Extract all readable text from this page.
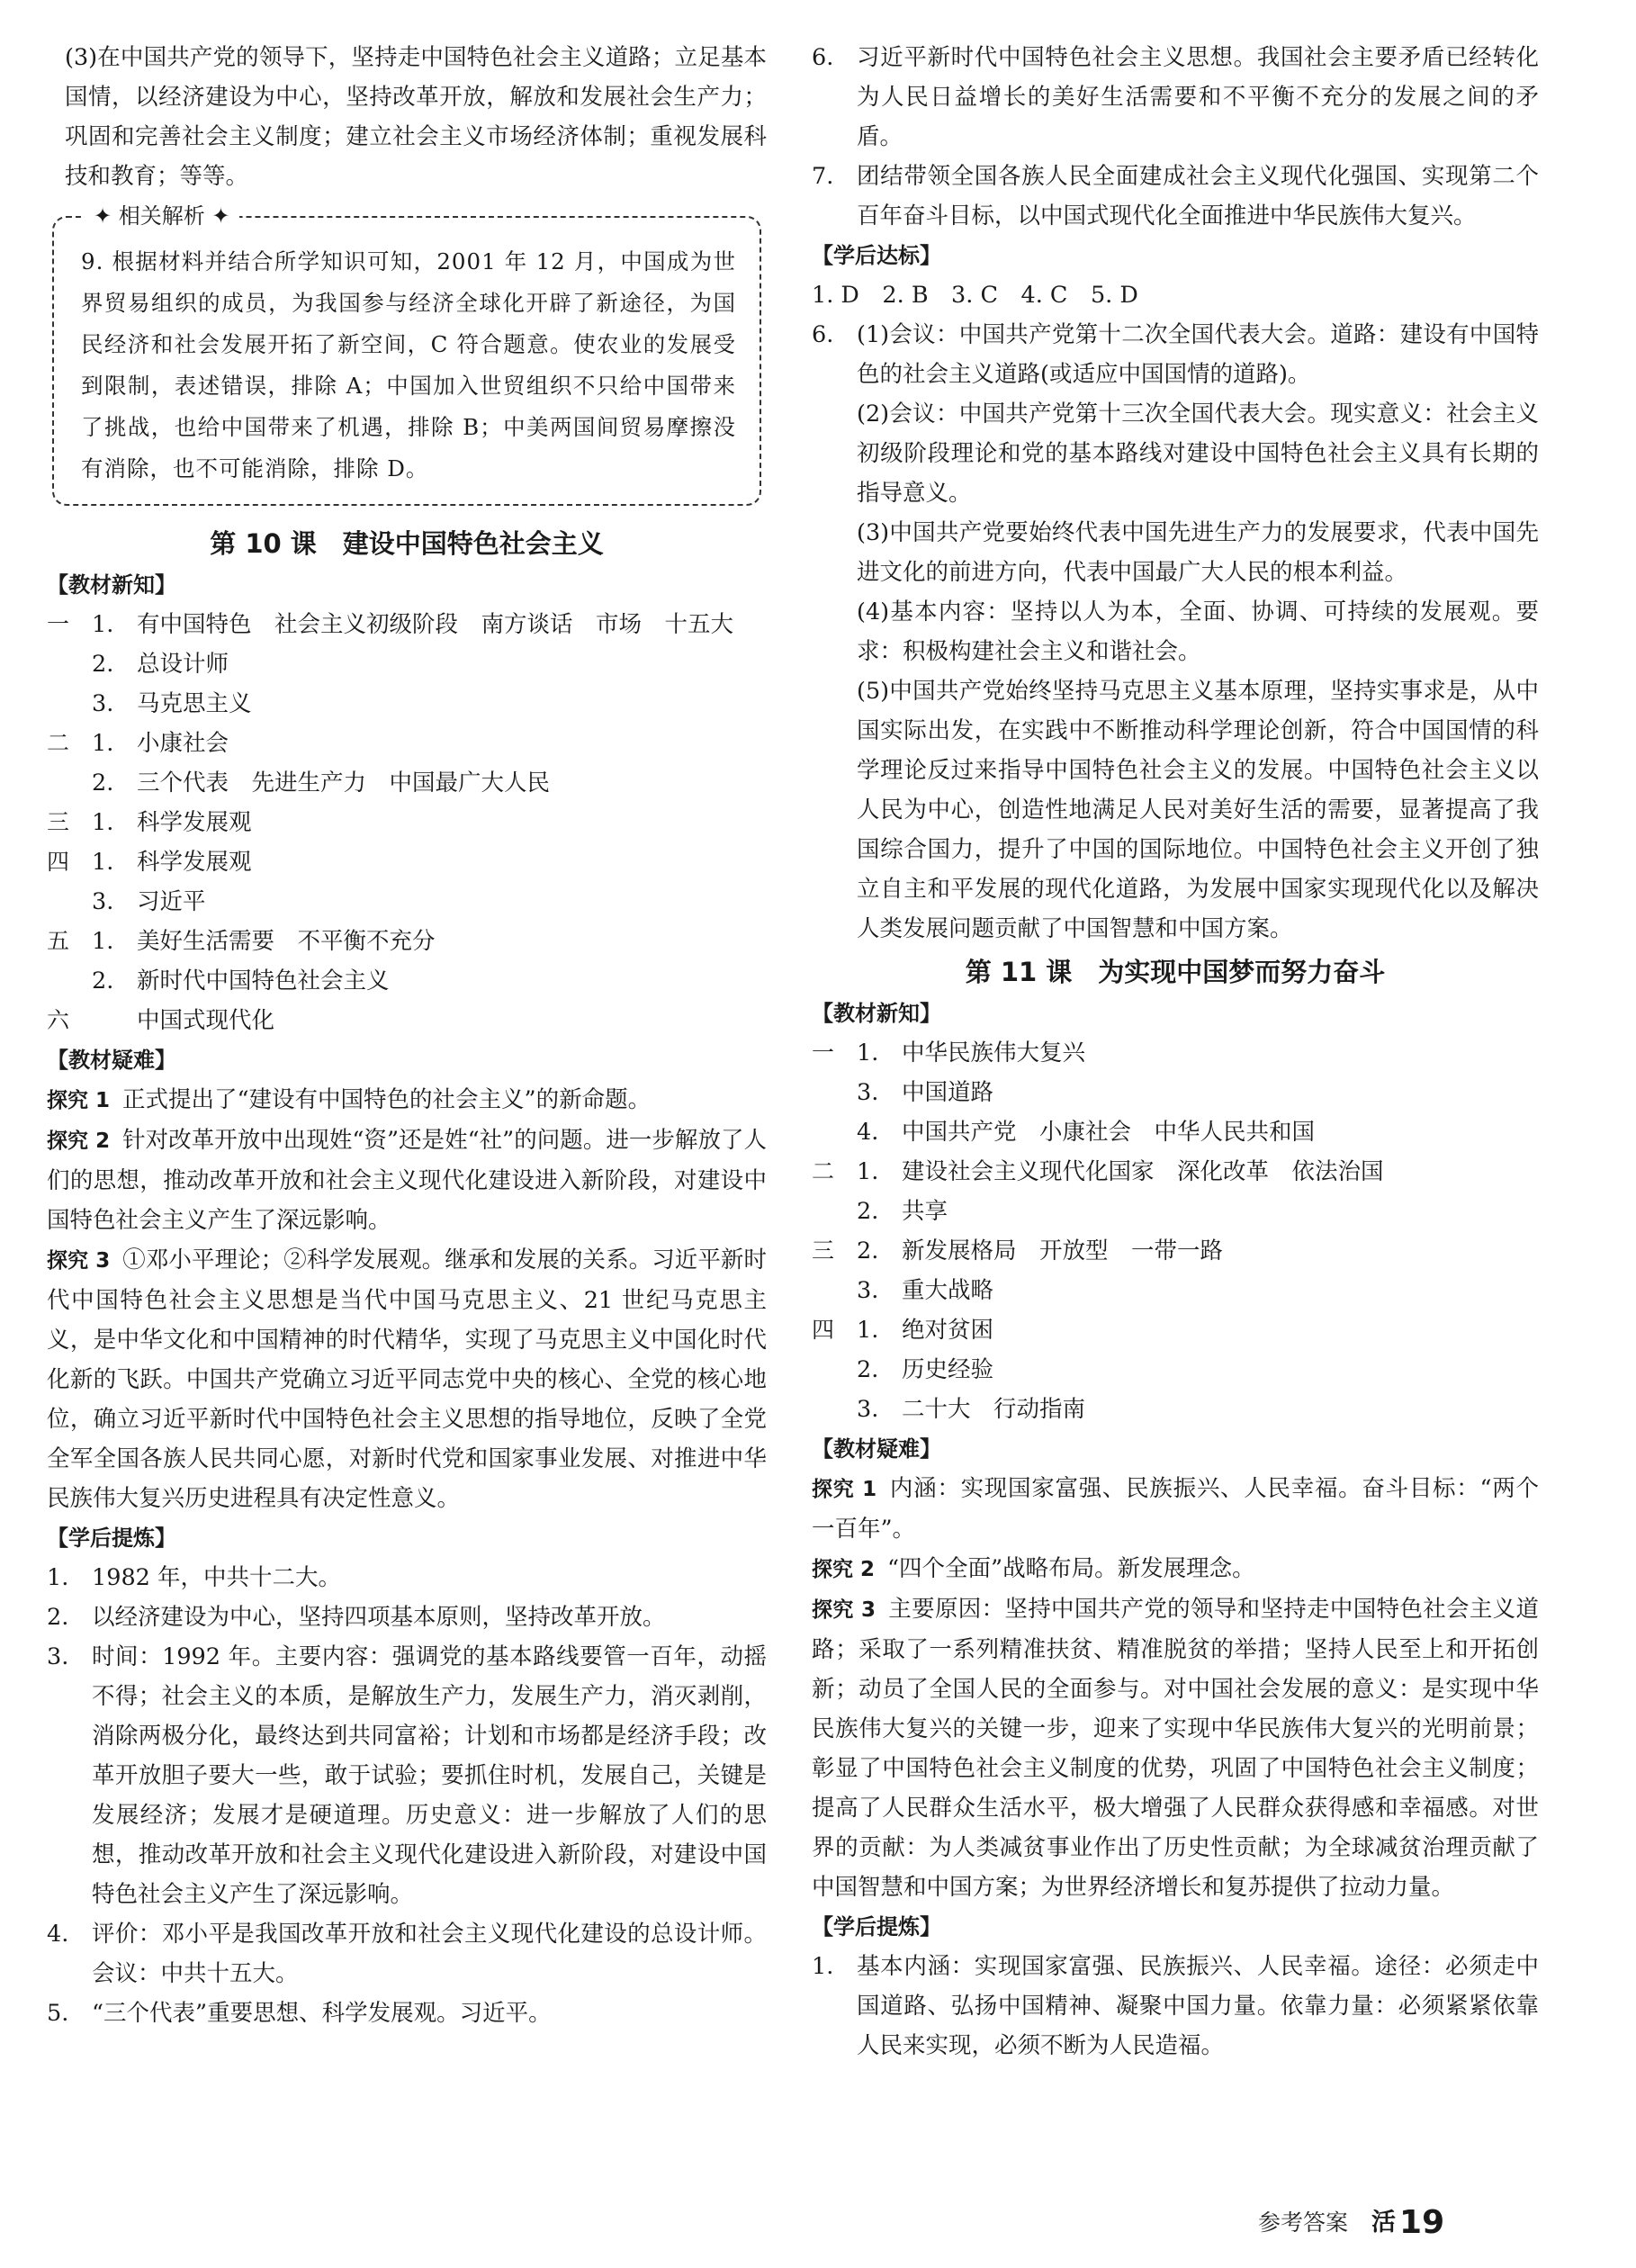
(3)在中国共产党的领导下，坚持走中国特色社会主义道路；立足基本国情，以经济建设为中心，坚持改革开放，解放和发展社会生产力；巩固和完善社会主义制度；建立社会主义市场经济体制；重视发展科技和教育；等等。

✦ 相关解析 ✦

9. 根据材料并结合所学知识可知，2001 年 12 月，中国成为世界贸易组织的成员，为我国参与经济全球化开辟了新途径，为国民经济和社会发展开拓了新空间，C 符合题意。使农业的发展受到限制，表述错误，排除 A；中国加入世贸组织不只给中国带来了挑战，也给中国带来了机遇，排除 B；中美两国间贸易摩擦没有消除，也不可能消除，排除 D。

第 10 课　建设中国特色社会主义

【教材新知】

一 1.	有中国特色　社会主义初级阶段　南方谈话　市场　十五大
2.	总设计师
3.	马克思主义
二 1.	小康社会
2.	三个代表　先进生产力　中国最广大人民
三 1.	科学发展观
四 1.	科学发展观
3.	习近平
五 1.	美好生活需要　不平衡不充分
2.	新时代中国特色社会主义
六	中国式现代化

【教材疑难】

探究 1 正式提出了“建设有中国特色的社会主义”的新命题。

探究 2 针对改革开放中出现姓“资”还是姓“社”的问题。进一步解放了人们的思想，推动改革开放和社会主义现代化建设进入新阶段，对建设中国特色社会主义产生了深远影响。

探究 3 ①邓小平理论；②科学发展观。继承和发展的关系。习近平新时代中国特色社会主义思想是当代中国马克思主义、21 世纪马克思主义，是中华文化和中国精神的时代精华，实现了马克思主义中国化时代化新的飞跃。中国共产党确立习近平同志党中央的核心、全党的核心地位，确立习近平新时代中国特色社会主义思想的指导地位，反映了全党全军全国各族人民共同心愿，对新时代党和国家事业发展、对推进中华民族伟大复兴历史进程具有决定性意义。

【学后提炼】

1.	1982 年，中共十二大。
2.	以经济建设为中心，坚持四项基本原则，坚持改革开放。
3.	时间：1992 年。主要内容：强调党的基本路线要管一百年，动摇不得；社会主义的本质，是解放生产力，发展生产力，消灭剥削，消除两极分化，最终达到共同富裕；计划和市场都是经济手段；改革开放胆子要大一些，敢于试验；要抓住时机，发展自己，关键是发展经济；发展才是硬道理。历史意义：进一步解放了人们的思想，推动改革开放和社会主义现代化建设进入新阶段，对建设中国特色社会主义产生了深远影响。
4.	评价：邓小平是我国改革开放和社会主义现代化建设的总设计师。会议：中共十五大。
5.	“三个代表”重要思想、科学发展观。习近平。
6.	习近平新时代中国特色社会主义思想。我国社会主要矛盾已经转化为人民日益增长的美好生活需要和不平衡不充分的发展之间的矛盾。
7.	团结带领全国各族人民全面建成社会主义现代化强国、实现第二个百年奋斗目标，以中国式现代化全面推进中华民族伟大复兴。

【学后达标】

1. D　2. B　3. C　4. C　5. D

6.	(1)会议：中国共产党第十二次全国代表大会。道路：建设有中国特色的社会主义道路(或适应中国国情的道路)。

(2)会议：中国共产党第十三次全国代表大会。现实意义：社会主义初级阶段理论和党的基本路线对建设中国特色社会主义具有长期的指导意义。

(3)中国共产党要始终代表中国先进生产力的发展要求，代表中国先进文化的前进方向，代表中国最广大人民的根本利益。

(4)基本内容：坚持以人为本，全面、协调、可持续的发展观。要求：积极构建社会主义和谐社会。

(5)中国共产党始终坚持马克思主义基本原理，坚持实事求是，从中国实际出发，在实践中不断推动科学理论创新，符合中国国情的科学理论反过来指导中国特色社会主义的发展。中国特色社会主义以人民为中心，创造性地满足人民对美好生活的需要，显著提高了我国综合国力，提升了中国的国际地位。中国特色社会主义开创了独立自主和平发展的现代化道路，为发展中国家实现现代化以及解决人类发展问题贡献了中国智慧和中国方案。

第 11 课　为实现中国梦而努力奋斗

【教材新知】

一 1.	中华民族伟大复兴
3.	中国道路
4.	中国共产党　小康社会　中华人民共和国
二 1.	建设社会主义现代化国家　深化改革　依法治国
2.	共享
三 2.	新发展格局　开放型　一带一路
3.	重大战略
四 1.	绝对贫困
2.	历史经验
3.	二十大　行动指南

【教材疑难】

探究 1 内涵：实现国家富强、民族振兴、人民幸福。奋斗目标：“两个一百年”。

探究 2 “四个全面”战略布局。新发展理念。

探究 3 主要原因：坚持中国共产党的领导和坚持走中国特色社会主义道路；采取了一系列精准扶贫、精准脱贫的举措；坚持人民至上和开拓创新；动员了全国人民的全面参与。对中国社会发展的意义：是实现中华民族伟大复兴的关键一步，迎来了实现中华民族伟大复兴的光明前景；彰显了中国特色社会主义制度的优势，巩固了中国特色社会主义制度；提高了人民群众生活水平，极大增强了人民群众获得感和幸福感。对世界的贡献：为人类减贫事业作出了历史性贡献；为全球减贫治理贡献了中国智慧和中国方案；为世界经济增长和复苏提供了拉动力量。

【学后提炼】

1.	基本内涵：实现国家富强、民族振兴、人民幸福。途径：必须走中国道路、弘扬中国精神、凝聚中国力量。依靠力量：必须紧紧依靠人民来实现，必须不断为人民造福。
参考答案 活 19
